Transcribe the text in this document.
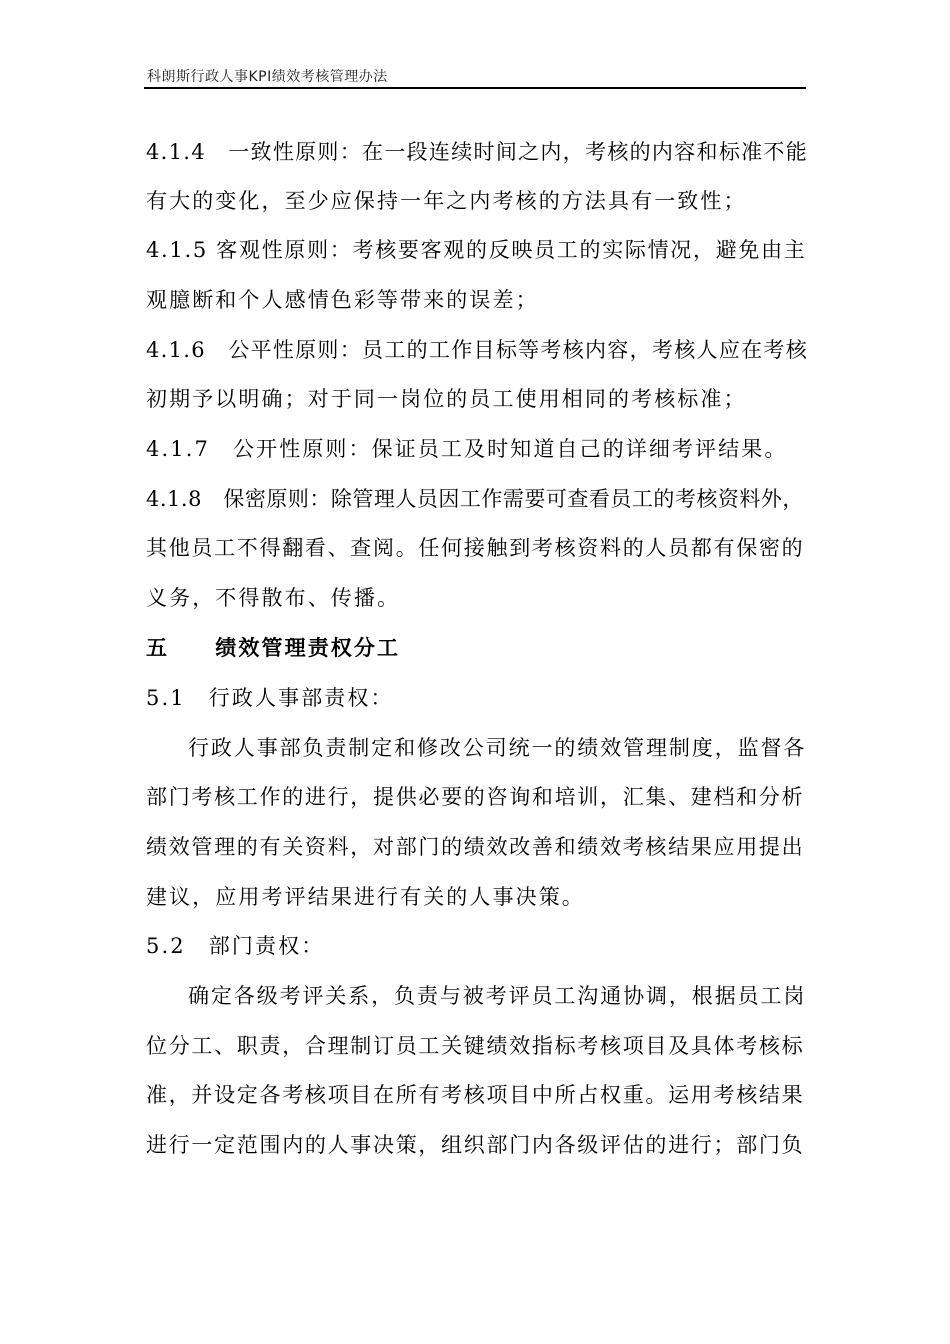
科朗斯行政人事KPI绩效考核管理办法
4.1.4　一致性原则：在一段连续时间之内，考核的内容和标准不能
有大的变化，至少应保持一年之内考核的方法具有一致性；
4.1.5 客观性原则：考核要客观的反映员工的实际情况，避免由主
观臆断和个人感情色彩等带来的误差；
4.1.6　公平性原则：员工的工作目标等考核内容，考核人应在考核
初期予以明确；对于同一岗位的员工使用相同的考核标准；
4.1.7　公开性原则：保证员工及时知道自己的详细考评结果。
4.1.8　保密原则：除管理人员因工作需要可查看员工的考核资料外，
其他员工不得翻看、查阅。任何接触到考核资料的人员都有保密的
义务，不得散布、传播。
五　　绩效管理责权分工
5.1　行政人事部责权：
行政人事部负责制定和修改公司统一的绩效管理制度，监督各
部门考核工作的进行，提供必要的咨询和培训，汇集、建档和分析
绩效管理的有关资料，对部门的绩效改善和绩效考核结果应用提出
建议，应用考评结果进行有关的人事决策。
5.2　部门责权：
确定各级考评关系，负责与被考评员工沟通协调，根据员工岗
位分工、职责，合理制订员工关键绩效指标考核项目及具体考核标
准，并设定各考核项目在所有考核项目中所占权重。运用考核结果
进行一定范围内的人事决策，组织部门内各级评估的进行；部门负
